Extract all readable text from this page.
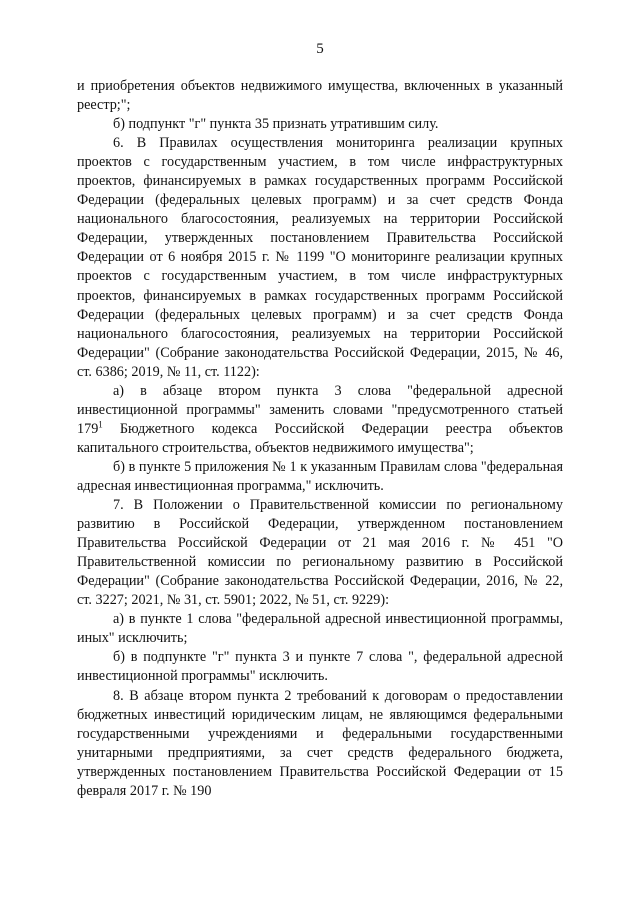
5

и приобретения объектов недвижимого имущества, включенных в указанный реестр;";

б) подпункт "г" пункта 35 признать утратившим силу.

6. В Правилах осуществления мониторинга реализации крупных проектов с государственным участием, в том числе инфраструктурных проектов, финансируемых в рамках государственных программ Российской Федерации (федеральных целевых программ) и за счет средств Фонда национального благосостояния, реализуемых на территории Российской Федерации, утвержденных постановлением Правительства Российской Федерации от 6 ноября 2015 г. № 1199 "О мониторинге реализации крупных проектов с государственным участием, в том числе инфраструктурных проектов, финансируемых в рамках государственных программ Российской Федерации (федеральных целевых программ) и за счет средств Фонда национального благосостояния, реализуемых на территории Российской Федерации" (Собрание законодательства Российской Федерации, 2015, № 46, ст. 6386; 2019, № 11, ст. 1122):

а) в абзаце втором пункта 3 слова "федеральной адресной инвестиционной программы" заменить словами "предусмотренного статьей $179^1$ Бюджетного кодекса Российской Федерации реестра объектов капитального строительства, объектов недвижимого имущества";

б) в пункте 5 приложения № 1 к указанным Правилам слова "федеральная адресная инвестиционная программа," исключить.

7. В Положении о Правительственной комиссии по региональному развитию в Российской Федерации, утвержденном постановлением Правительства Российской Федерации от 21 мая 2016 г. № 451 "О Правительственной комиссии по региональному развитию в Российской Федерации" (Собрание законодательства Российской Федерации, 2016, № 22, ст. 3227; 2021, № 31, ст. 5901; 2022, № 51, ст. 9229):

а) в пункте 1 слова "федеральной адресной инвестиционной программы, иных" исключить;

б) в подпункте "г" пункта 3 и пункте 7 слова ", федеральной адресной инвестиционной программы" исключить.

8. В абзаце втором пункта 2 требований к договорам о предоставлении бюджетных инвестиций юридическим лицам, не являющимся федеральными государственными учреждениями и федеральными государственными унитарными предприятиями, за счет средств федерального бюджета, утвержденных постановлением Правительства Российской Федерации от 15 февраля 2017 г. № 190
